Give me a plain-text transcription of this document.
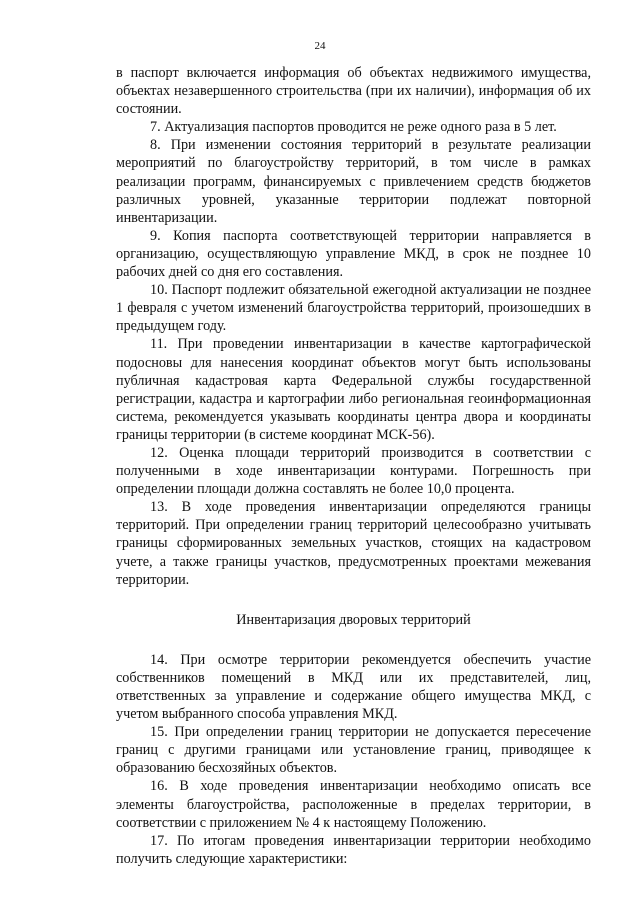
24

в паспорт включается информация об объектах недвижимого имущества, объектах незавершенного строительства (при их наличии), информация об их состоянии.

7. Актуализация паспортов проводится не реже одного раза в 5 лет.

8. При изменении состояния территорий в результате реализации мероприятий по благоустройству территорий, в том числе в рамках реализации программ, финансируемых с привлечением средств бюджетов различных уровней, указанные территории подлежат повторной инвентаризации.

9. Копия паспорта соответствующей территории направляется в организацию, осуществляющую управление МКД, в срок не позднее 10 рабочих дней со дня его составления.

10. Паспорт подлежит обязательной ежегодной актуализации не позднее 1 февраля с учетом изменений благоустройства территорий, произошедших в предыдущем году.

11. При проведении инвентаризации в качестве картографической подосновы для нанесения координат объектов могут быть использованы публичная кадастровая карта Федеральной службы государственной регистрации, кадастра и картографии либо региональная геоинформационная система, рекомендуется указывать координаты центра двора и координаты границы территории (в системе координат МСК-56).

12. Оценка площади территорий производится в соответствии с полученными в ходе инвентаризации контурами. Погрешность при определении площади должна составлять не более 10,0 процента.

13. В ходе проведения инвентаризации определяются границы территорий. При определении границ территорий целесообразно учитывать границы сформированных земельных участков, стоящих на кадастровом учете, а также границы участков, предусмотренных проектами межевания территории.

Инвентаризация дворовых территорий

14. При осмотре территории рекомендуется обеспечить участие собственников помещений в МКД или их представителей, лиц, ответственных за управление и содержание общего имущества МКД, с учетом выбранного способа управления МКД.

15. При определении границ территории не допускается пересечение границ с другими границами или установление границ, приводящее к образованию бесхозяйных объектов.

16. В ходе проведения инвентаризации необходимо описать все элементы благоустройства, расположенные в пределах территории, в соответствии с приложением № 4 к настоящему Положению.

17. По итогам проведения инвентаризации территории необходимо получить следующие характеристики:
